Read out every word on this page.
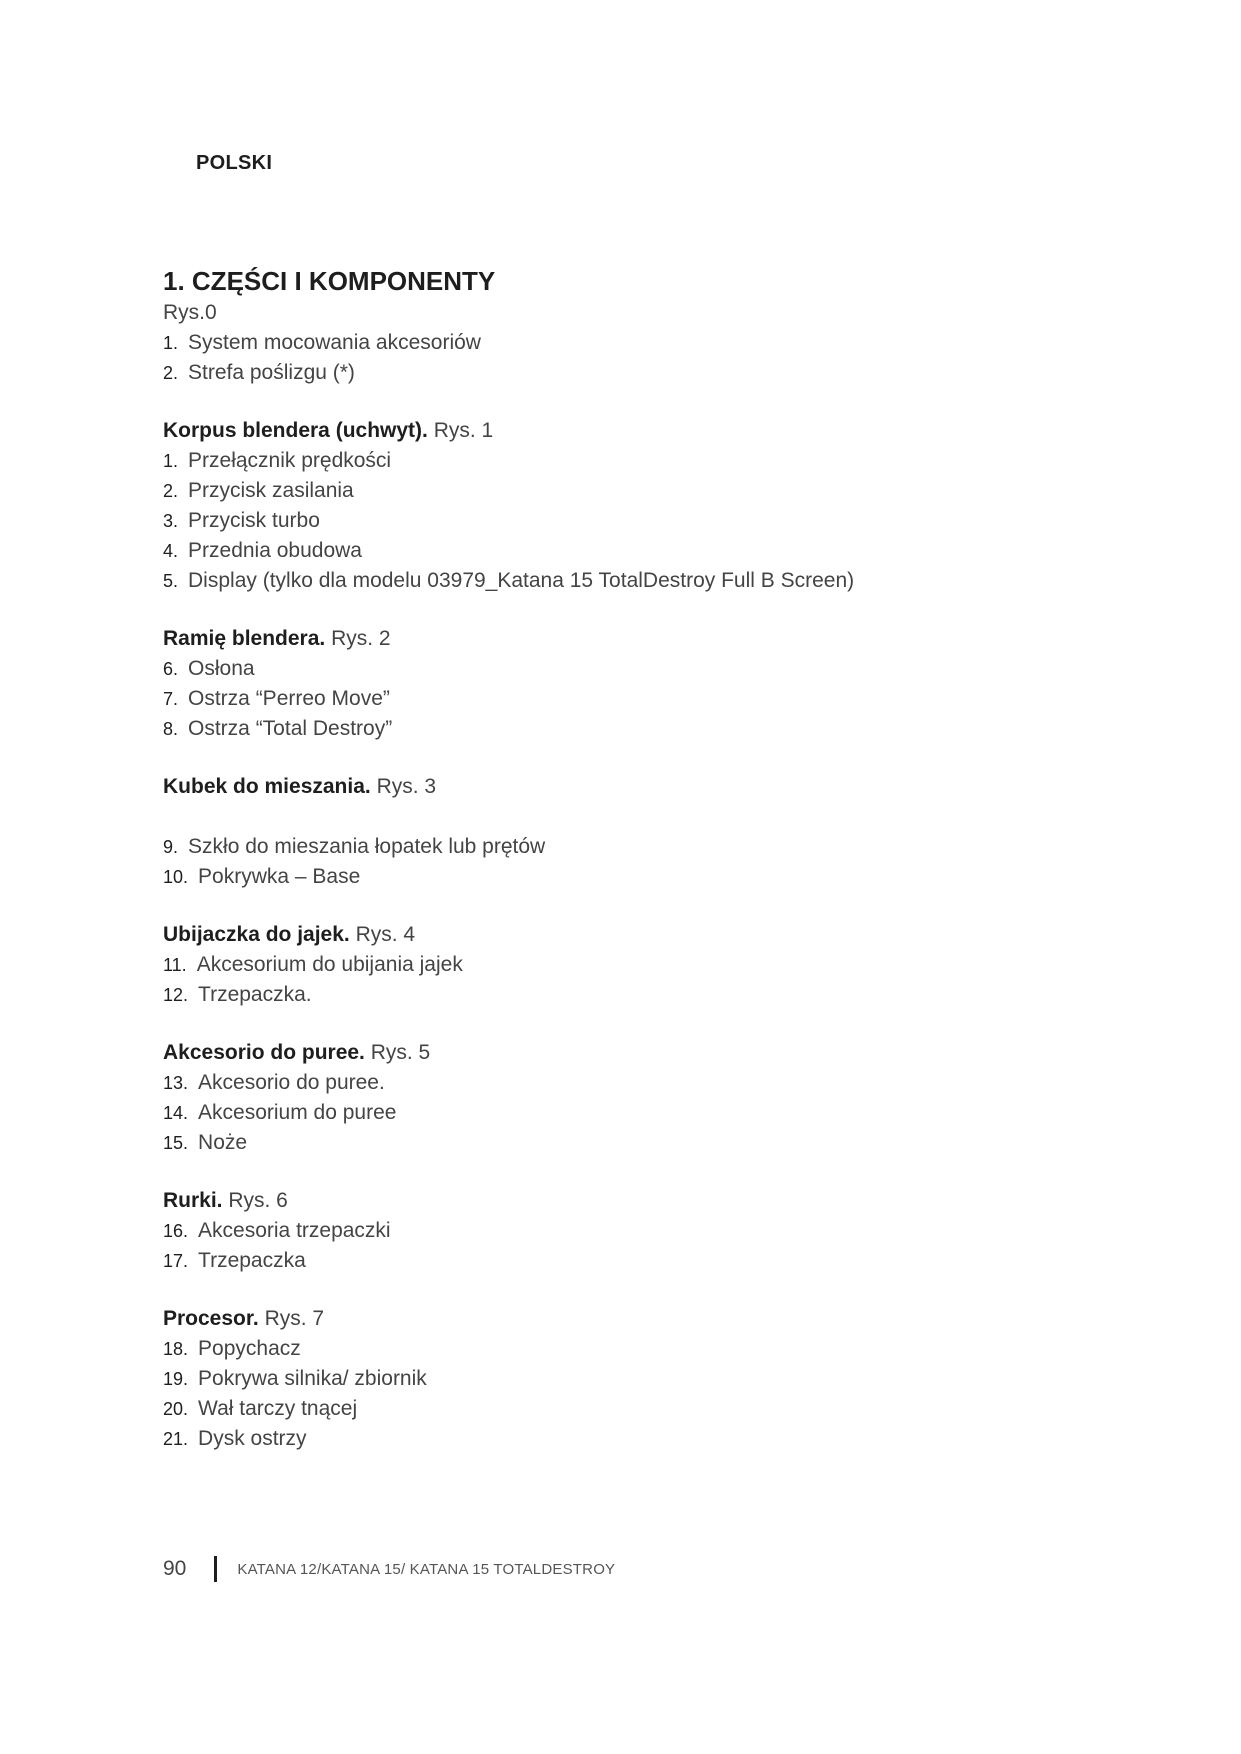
POLSKI
1. CZĘŚCI I KOMPONENTY
Rys.0
1. System mocowania akcesoriów
2. Strefa poślizgu (*)
Korpus blendera (uchwyt). Rys. 1
1. Przełącznik prędkości
2. Przycisk zasilania
3. Przycisk turbo
4. Przednia obudowa
5. Display (tylko dla modelu 03979_Katana 15 TotalDestroy Full B Screen)
Ramię blendera. Rys. 2
6. Osłona
7. Ostrza “Perreo Move”
8. Ostrza “Total Destroy”
Kubek do mieszania. Rys. 3
9. Szkło do mieszania łopatek lub prętów
10. Pokrywka – Base
Ubijaczka do jajek. Rys. 4
11. Akcesorium do ubijania jajek
12. Trzepaczka.
Akcesorio do puree. Rys. 5
13. Akcesorio do puree.
14. Akcesorium do puree
15. Noże
Rurki. Rys. 6
16. Akcesoria trzepaczki
17. Trzepaczka
Procesor. Rys. 7
18. Popychacz
19. Pokrywa silnika/ zbiornik
20. Wał tarczy tnącej
21. Dysk ostrzy
90	KATANA 12/KATANA 15/ KATANA 15 TOTALDESTROY
